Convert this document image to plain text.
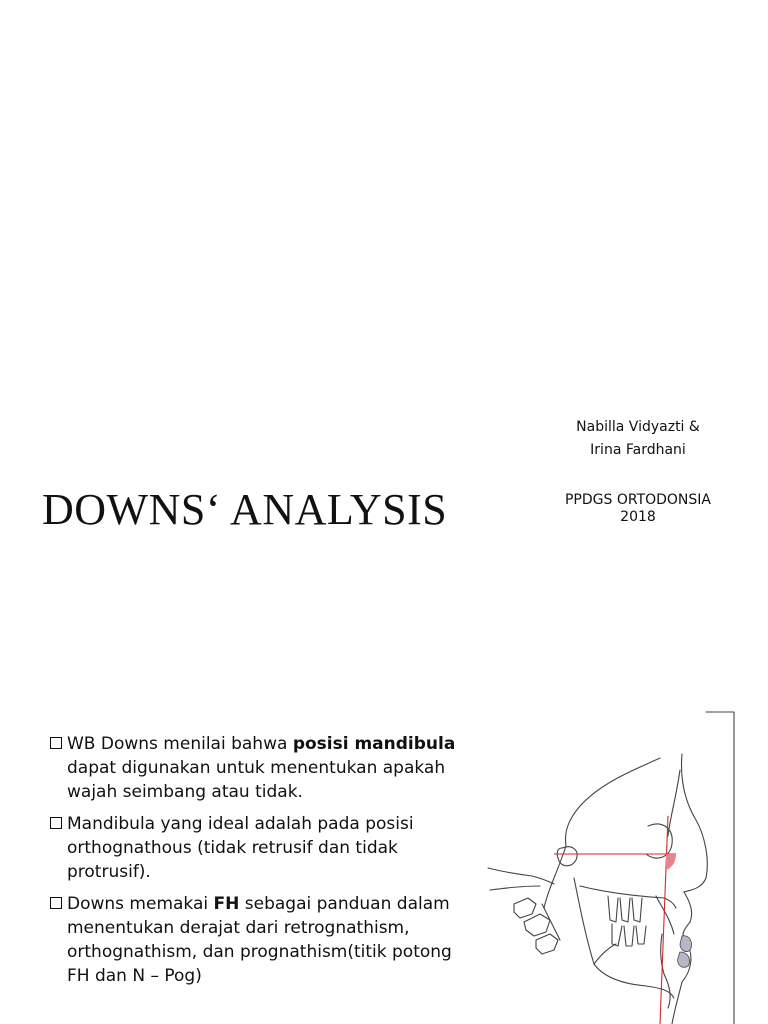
DOWNS‘ ANALYSIS
Nabilla Vidyazti &
Irina Fardhani
PPDGS ORTODONSIA
2018
WB Downs menilai bahwa posisi mandibula dapat digunakan untuk menentukan apakah wajah seimbang atau tidak.
Mandibula yang ideal adalah pada posisi orthognathous (tidak retrusif dan tidak protrusif).
Downs memakai FH sebagai panduan dalam menentukan derajat dari retrognathism, orthognathism, dan prognathism(titik potong FH dan N – Pog)
